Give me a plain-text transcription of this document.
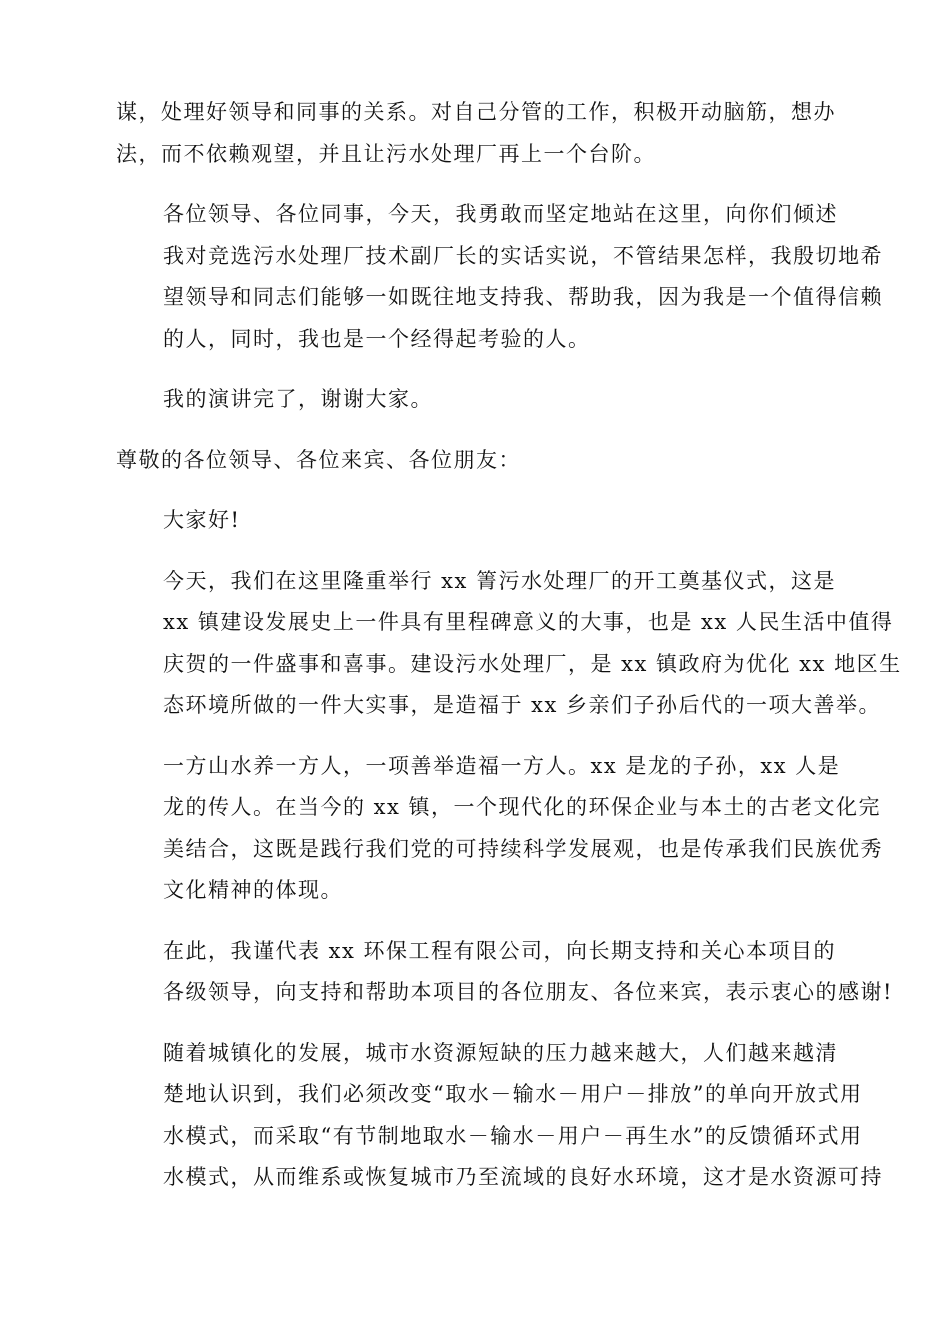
谋，处理好领导和同事的关系。对自己分管的工作，积极开动脑筋，想办
法，而不依赖观望，并且让污水处理厂再上一个台阶。

各位领导、各位同事，今天，我勇敢而坚定地站在这里，向你们倾述
我对竞选污水处理厂技术副厂长的实话实说，不管结果怎样，我殷切地希
望领导和同志们能够一如既往地支持我、帮助我，因为我是一个值得信赖
的人，同时，我也是一个经得起考验的人。

我的演讲完了，谢谢大家。

尊敬的各位领导、各位来宾、各位朋友：

大家好!

今天，我们在这里隆重举行 xx 箐污水处理厂的开工奠基仪式，这是
xx 镇建设发展史上一件具有里程碑意义的大事，也是 xx 人民生活中值得
庆贺的一件盛事和喜事。建设污水处理厂，是 xx 镇政府为优化 xx 地区生
态环境所做的一件大实事，是造福于 xx 乡亲们子孙后代的一项大善举。

一方山水养一方人，一项善举造福一方人。xx 是龙的子孙，xx 人是
龙的传人。在当今的 xx 镇，一个现代化的环保企业与本土的古老文化完
美结合，这既是践行我们党的可持续科学发展观，也是传承我们民族优秀
文化精神的体现。

在此，我谨代表 xx 环保工程有限公司，向长期支持和关心本项目的
各级领导，向支持和帮助本项目的各位朋友、各位来宾，表示衷心的感谢!

随着城镇化的发展，城市水资源短缺的压力越来越大，人们越来越清
楚地认识到，我们必须改变“取水－输水－用户－排放”的单向开放式用
水模式，而采取“有节制地取水－输水－用户－再生水”的反馈循环式用
水模式，从而维系或恢复城市乃至流域的良好水环境，这才是水资源可持
